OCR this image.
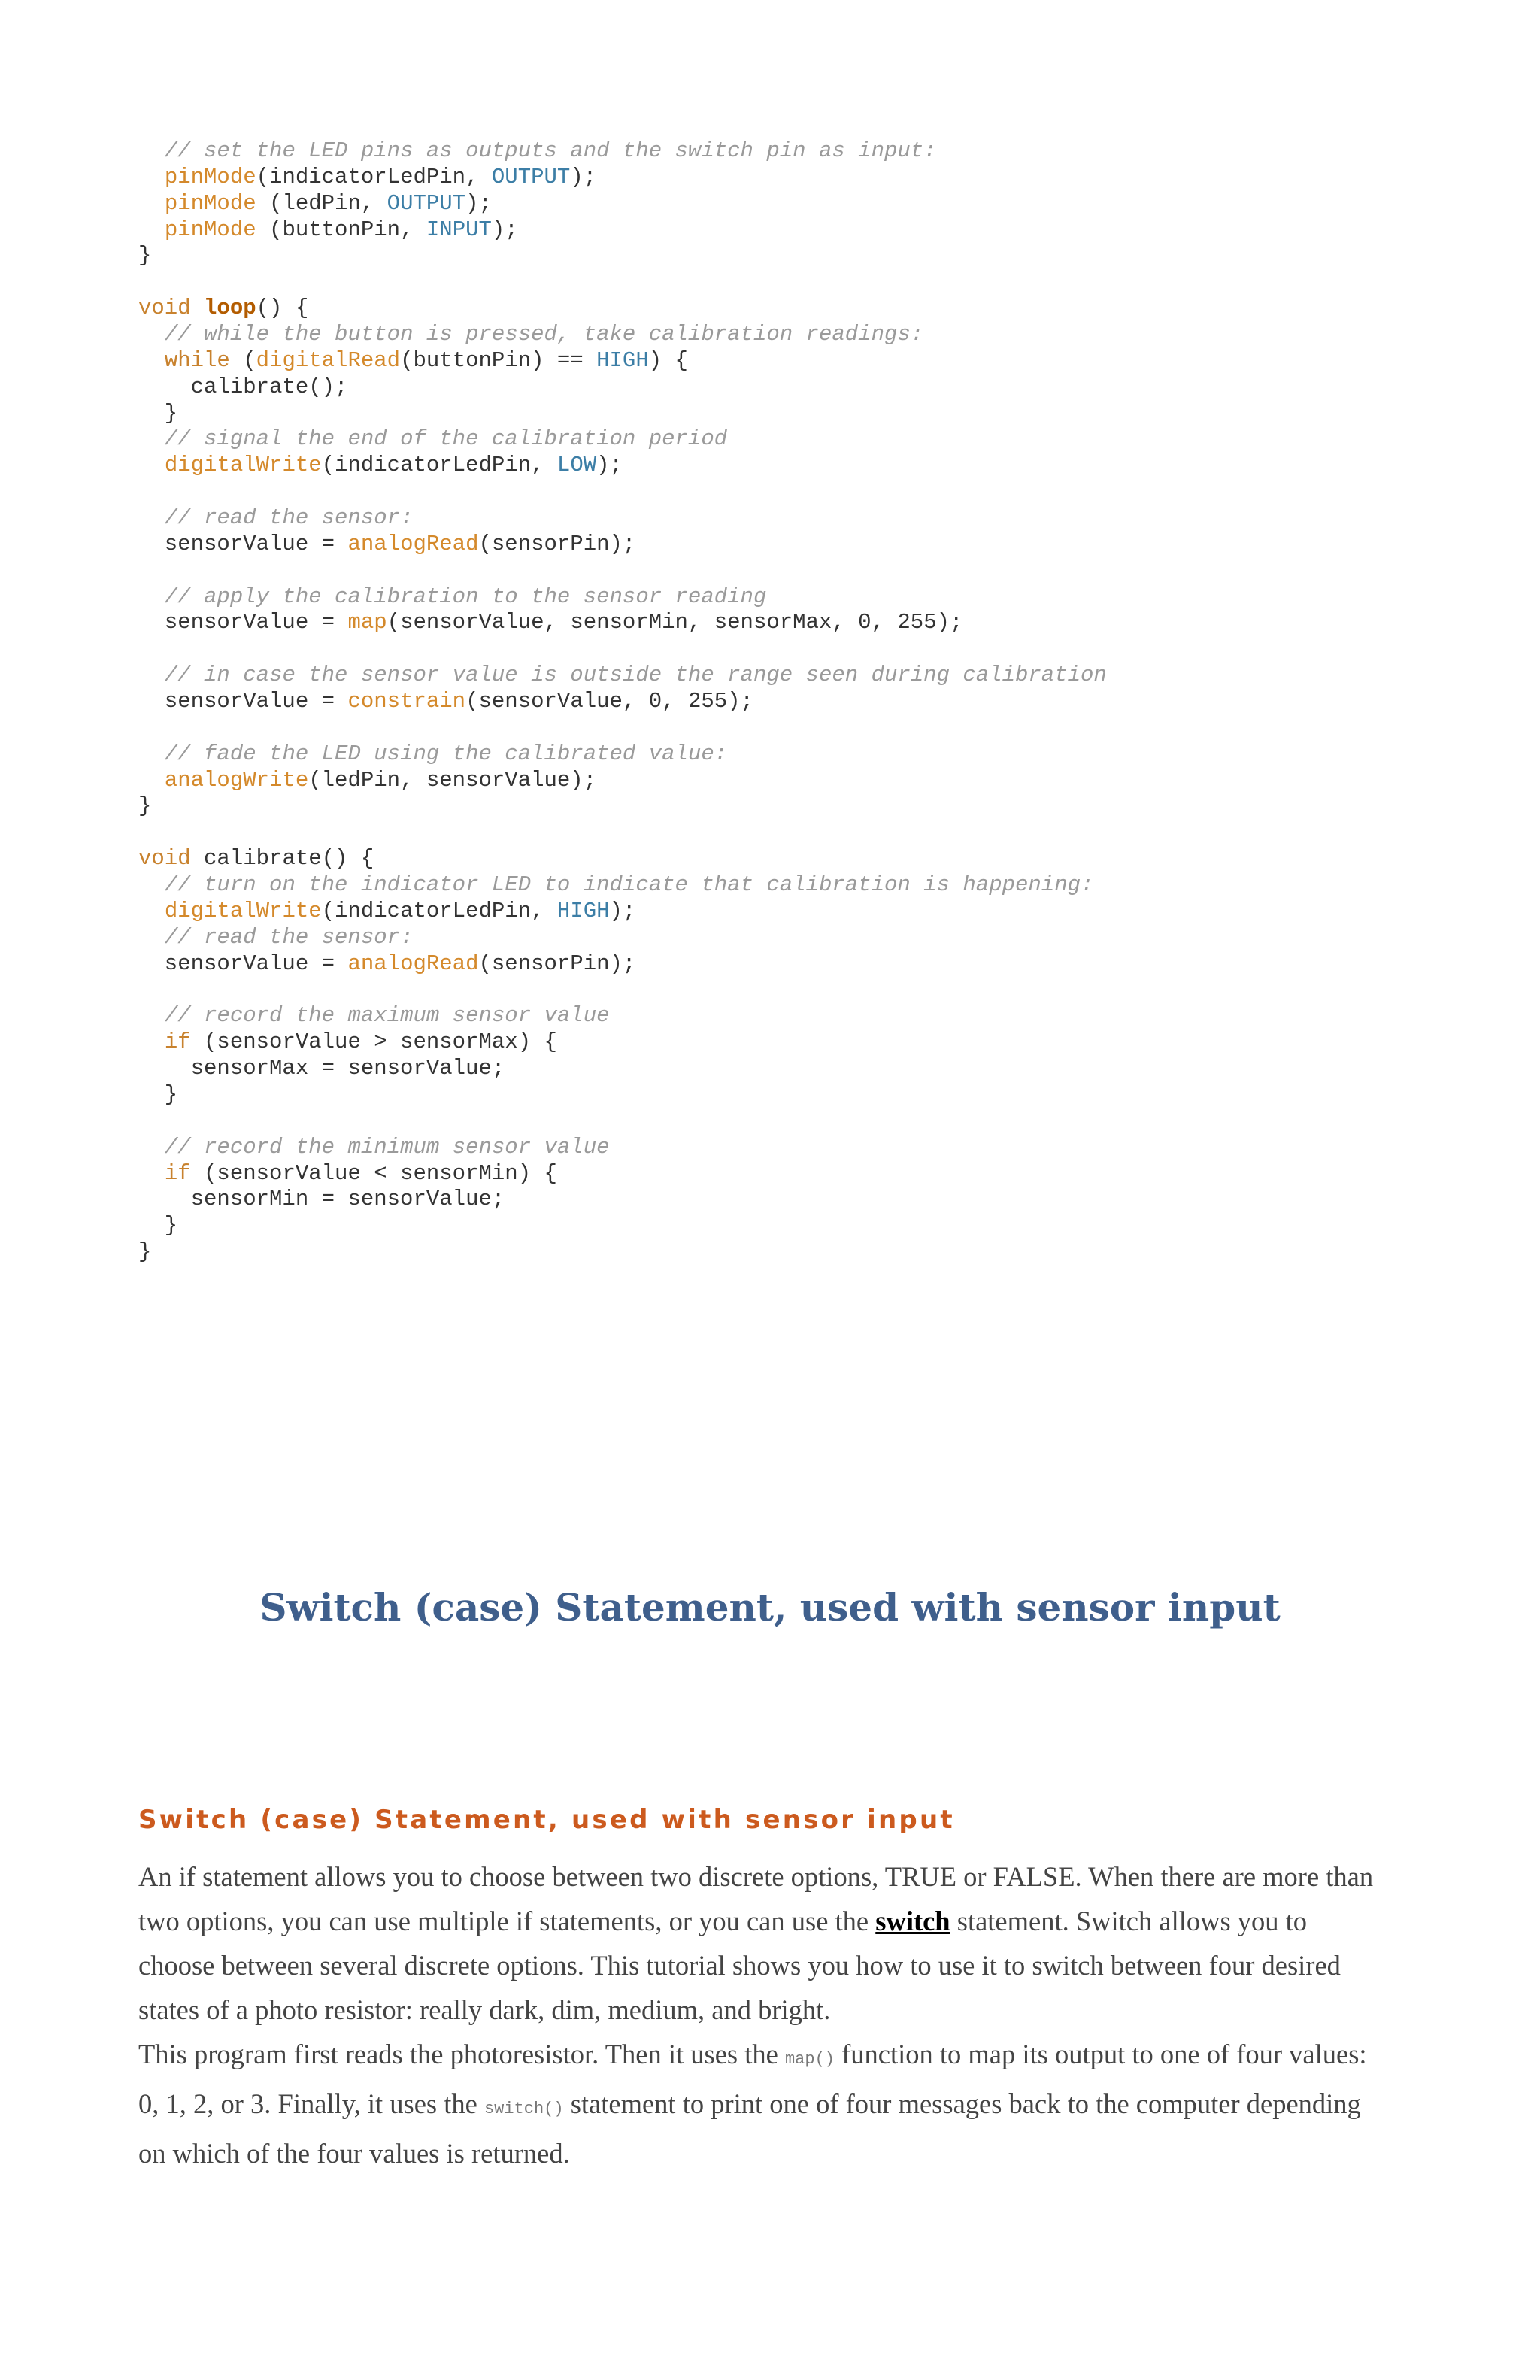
// set the LED pins as outputs and the switch pin as input:
pinMode(indicatorLedPin, OUTPUT);
pinMode (ledPin, OUTPUT);
pinMode (buttonPin, INPUT);
}
void loop() {
// while the button is pressed, take calibration readings:
while (digitalRead(buttonPin) == HIGH) {
calibrate();
}
// signal the end of the calibration period
digitalWrite(indicatorLedPin, LOW);
// read the sensor:
sensorValue = analogRead(sensorPin);
// apply the calibration to the sensor reading
sensorValue = map(sensorValue, sensorMin, sensorMax, 0, 255);
// in case the sensor value is outside the range seen during calibration
sensorValue = constrain(sensorValue, 0, 255);
// fade the LED using the calibrated value:
analogWrite(ledPin, sensorValue);
}
void calibrate() {
// turn on the indicator LED to indicate that calibration is happening:
digitalWrite(indicatorLedPin, HIGH);
// read the sensor:
sensorValue = analogRead(sensorPin);
// record the maximum sensor value
if (sensorValue > sensorMax) {
sensorMax = sensorValue;
}
// record the minimum sensor value
if (sensorValue < sensorMin) {
sensorMin = sensorValue;
}
}
Switch (case) Statement, used with sensor input
Switch (case) Statement, used with sensor input

An if statement allows you to choose between two discrete options, TRUE or FALSE. When there are more than two options, you can use multiple if statements, or you can use the switch statement. Switch allows you to choose between several discrete options. This tutorial shows you how to use it to switch between four desired states of a photo resistor: really dark, dim, medium, and bright.

This program first reads the photoresistor. Then it uses the map() function to map its output to one of four values: 0, 1, 2, or 3. Finally, it uses the switch() statement to print one of four messages back to the computer depending on which of the four values is returned.
